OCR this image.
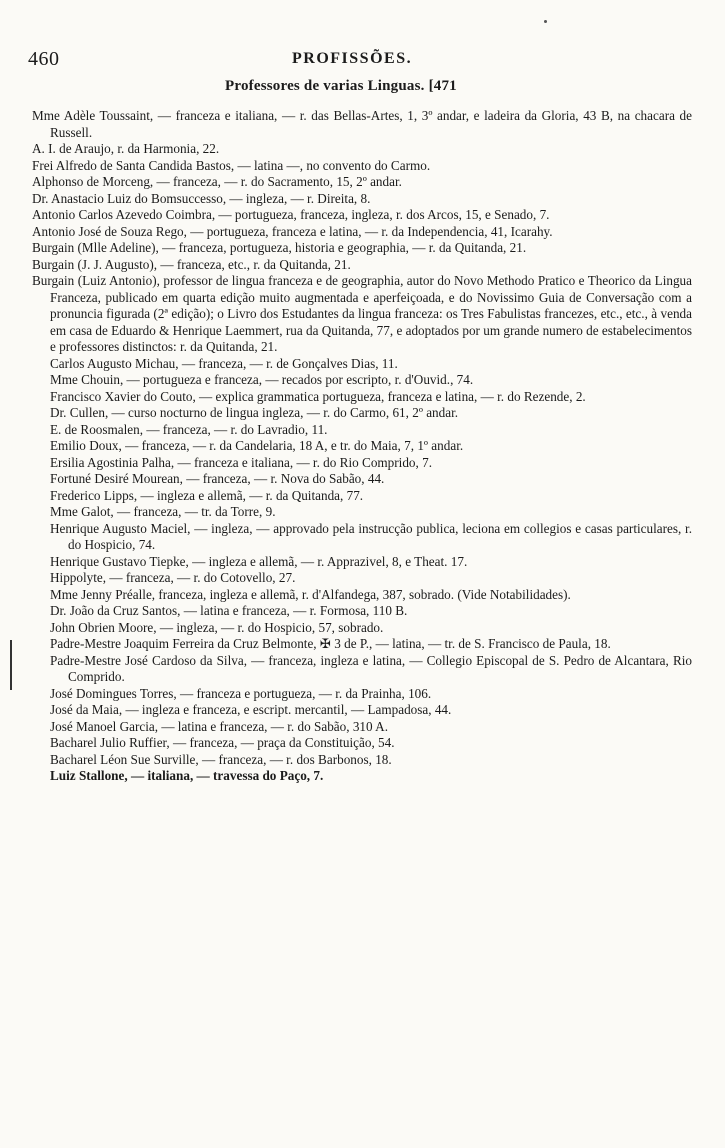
460	PROFISSÕES.
Professores de varias Linguas. [471
Mme Adèle Toussaint, — franceza e italiana, — r. das Bellas-Artes, 1, 3º andar, e ladeira da Gloria, 43 B, na chacara de Russell.
A. I. de Araujo, r. da Harmonia, 22.
Frei Alfredo de Santa Candida Bastos, — latina —, no convento do Carmo.
Alphonso de Morceng, — franceza, — r. do Sacramento, 15, 2º andar.
Dr. Anastacio Luiz do Bomsuccesso, — ingleza, — r. Direita, 8.
Antonio Carlos Azevedo Coimbra, — portugueza, franceza, ingleza, r. dos Arcos, 15, e Senado, 7.
Antonio José de Souza Rego, — portugueza, franceza e latina, — r. da Independencia, 41, Icarahy.
Burgain (Mlle Adeline), — franceza, portugueza, historia e geographia, — r. da Quitanda, 21.
Burgain (J. J. Augusto), — franceza, etc., r. da Quitanda, 21.
Burgain (Luiz Antonio), professor de lingua franceza e de geographia, autor do Novo Methodo Pratico e Theorico da Lingua Franceza, publicado em quarta edição muito augmentada e aperfeiçoada, e do Novissimo Guia de Conversação com a pronuncia figurada (2ª edição); o Livro dos Estudantes da lingua franceza: os Tres Fabulistas francezes, etc., etc., à venda em casa de Eduardo & Henrique Laemmert, rua da Quitanda, 77, e adoptados por um grande numero de estabelecimentos e professores distinctos: r. da Quitanda, 21.
Carlos Augusto Michau, — franceza, — r. de Gonçalves Dias, 11.
Mme Chouin, — portugueza e franceza, — recados por escripto, r. d'Ouvid., 74.
Francisco Xavier do Couto, — explica grammatica portugueza, franceza e latina, — r. do Rezende, 2.
Dr. Cullen, — curso nocturno de lingua ingleza, — r. do Carmo, 61, 2º andar.
E. de Roosmalen, — franceza, — r. do Lavradio, 11.
Emilio Doux, — franceza, — r. da Candelaria, 18 A, e tr. do Maia, 7, 1º andar.
Ersilia Agostinia Palha, — franceza e italiana, — r. do Rio Comprido, 7.
Fortuné Desiré Mourean, — franceza, — r. Nova do Sabão, 44.
Frederico Lipps, — ingleza e allemã, — r. da Quitanda, 77.
Mme Galot, — franceza, — tr. da Torre, 9.
Henrique Augusto Maciel, — ingleza, — approvado pela instrucção publica, leciona em collegios e casas particulares, r. do Hospicio, 74.
Henrique Gustavo Tiepke, — ingleza e allemã, — r. Apprazivel, 8, e Theat. 17.
Hippolyte, — franceza, — r. do Cotovello, 27.
Mme Jenny Préalle, franceza, ingleza e allemã, r. d'Alfandega, 387, sobrado. (Vide Notabilidades).
Dr. João da Cruz Santos, — latina e franceza, — r. Formosa, 110 B.
John Obrien Moore, — ingleza, — r. do Hospicio, 57, sobrado.
Padre-Mestre Joaquim Ferreira da Cruz Belmonte, ✠ 3 de P., — latina, — tr. de S. Francisco de Paula, 18.
Padre-Mestre José Cardoso da Silva, — franceza, ingleza e latina, — Collegio Episcopal de S. Pedro de Alcantara, Rio Comprido.
José Domingues Torres, — franceza e portugueza, — r. da Prainha, 106.
José da Maia, — ingleza e franceza, e escript. mercantil, — Lampadosa, 44.
José Manoel Garcia, — latina e franceza, — r. do Sabão, 310 A.
Bacharel Julio Ruffier, — franceza, — praça da Constituição, 54.
Bacharel Léon Sue Surville, — franceza, — r. dos Barbonos, 18.
Luiz Stallone, — italiana, — travessa do Paço, 7.
